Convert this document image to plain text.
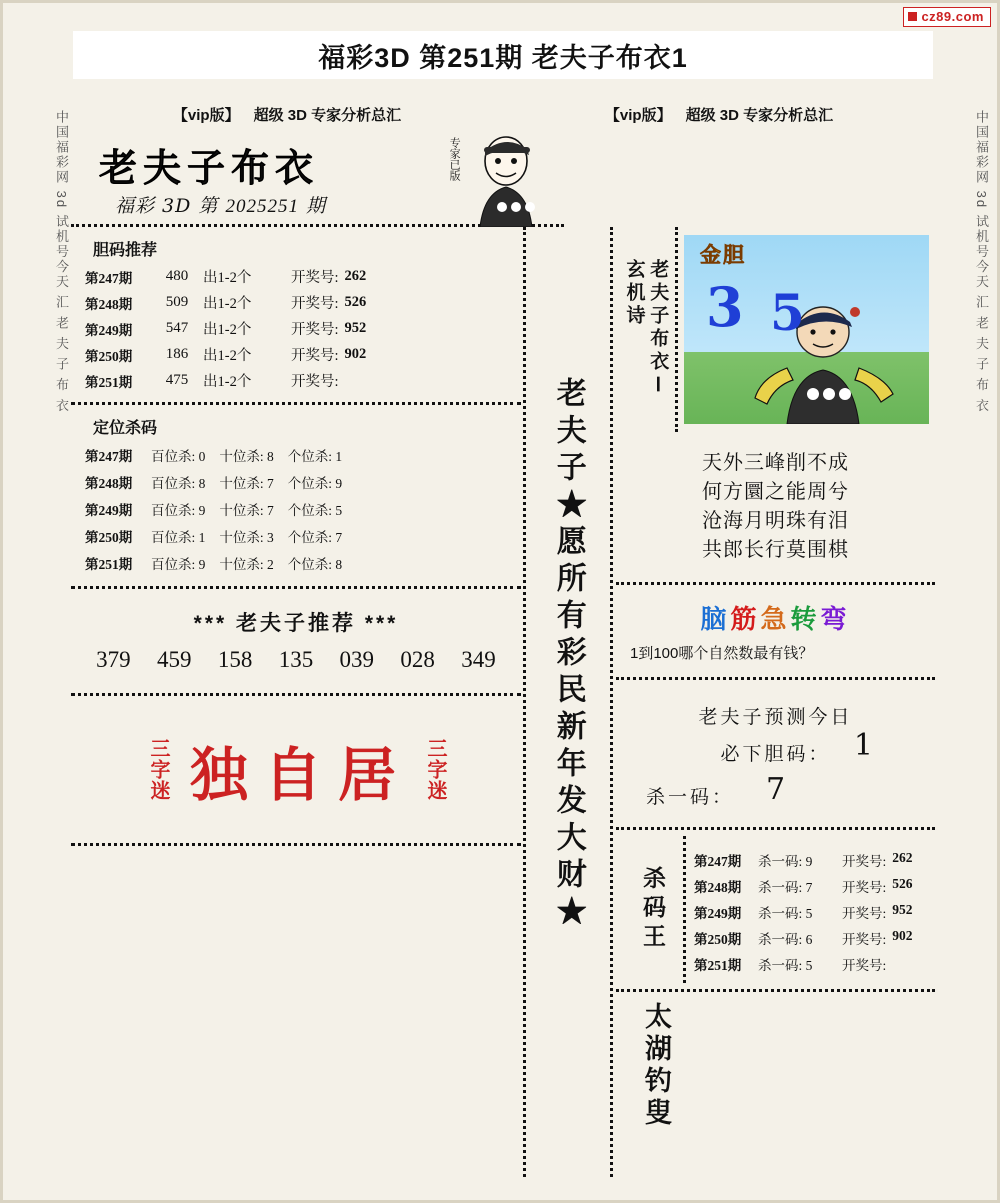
cz89.com
福彩3D 第251期 老夫子布衣1
中国福彩网 3d 试机号今天 汇 老 夫 子 布 衣	中国福彩网 3d 试机号今天 汇 老 夫 子 布 衣
【vip版】 超级 3D 专家分析总汇	【vip版】 超级 3D 专家分析总汇
老夫子布衣
福彩 3D 第 2025251 期
专家已版
胆码推荐
第247期	480	出1-2个	开奖号: 262
第248期	509	出1-2个	开奖号: 526
第249期	547	出1-2个	开奖号: 952
第250期	186	出1-2个	开奖号: 902
第251期	475	出1-2个	开奖号:
定位杀码
第247期	百位杀: 0 十位杀: 8 个位杀: 1
第248期	百位杀: 8 十位杀: 7 个位杀: 9
第249期	百位杀: 9 十位杀: 7 个位杀: 5
第250期	百位杀: 1 十位杀: 3 个位杀: 7
第251期	百位杀: 9 十位杀: 2 个位杀: 8
*** 老夫子推荐 ***
379 459 158 135 039 028 349
三字迷 独自居 三字迷	老夫子★愿所有彩民新年发大财★
老夫子布衣Ⅰ
玄机诗
金胆
3 5
天外三峰削不成
何方圜之能周兮
沧海月明珠有泪
共郎长行莫围棋
脑筋急转弯
1到100哪个自然数最有钱？
老夫子预测今日
必下胆码： 1
杀一码：	7
杀码王
第247期	杀一码: 9	开奖号: 262
第248期	杀一码: 7	开奖号: 526
第249期	杀一码: 5	开奖号: 952
第250期	杀一码: 6	开奖号: 902
第251期	杀一码: 5	开奖号:
太湖钓叟
